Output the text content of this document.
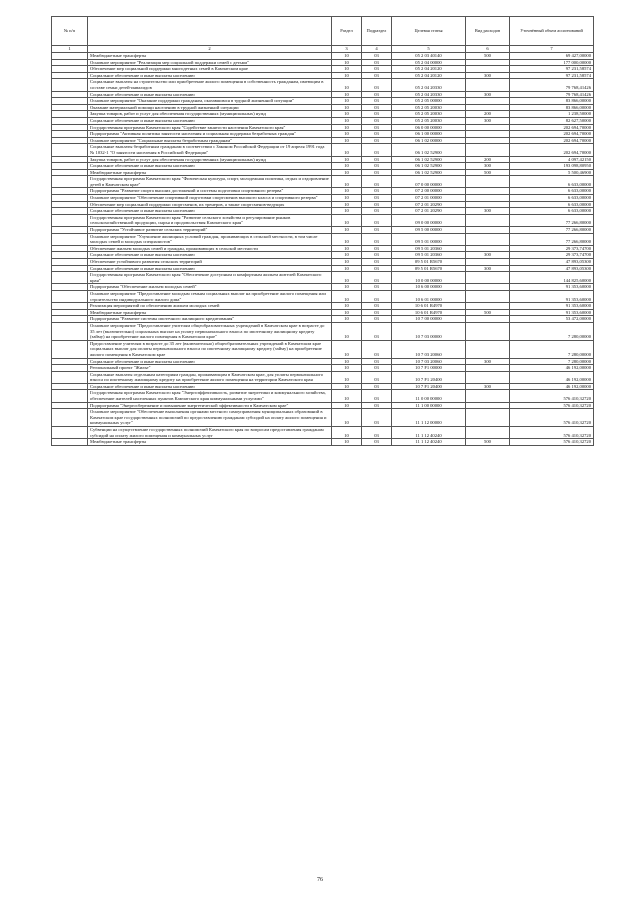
№ п/п		Раздел	Подраздел	Целевая статья	Вид расходов	Уточнённый объем ассигнований
1	2	3	4	5	6	7
	Межбюджетные трансферты	10	03	05 2 03 40140	500	69 427,00000
	Основное мероприятие "Реализация мер социальной поддержки семей с детьми"	10	03	05 2 04 00000		177 000,00000
	Обеспечение мер социальной поддержки многодетных семей в Камчатском крае	10	03	05 2 04 20120		97 231,58574
	Социальное обеспечение и иные выплаты населению	10	03	05 2 04 20120	300	97 231,58574
	Социальные выплаты на строительство или приобретение жилого помещения в собственность гражданам, имеющим в составе семьи детей-инвалидов	10	03	05 2 04 20330		79 768,41426
	Социальное обеспечение и иные выплаты населению	10	03	05 2 04 20330	300	79 768,41426
	Основное мероприятие "Оказание поддержки гражданам, оказавшимся в трудной жизненной ситуации"	10	03	05 2 05 00000		83 866,00000
	Оказание материальной помощи населению в трудной жизненной ситуации	10	03	05 2 05 20030		83 866,00000
	Закупка товаров, работ и услуг для обеспечения государственных (муниципальных) нужд	10	03	05 2 05 20030	200	1 238,50000
	Социальное обеспечение и иные выплаты населению	10	03	05 2 05 20030	300	82 627,50000
	Государственная программа Камчатского края "Содействие занятости населения Камчатского края"	10	03	06 0 00 00000		202 694,70000
	Подпрограмма "Активная политика занятости населения и социальная поддержка безработных граждан"	10	03	06 1 00 00000		202 694,70000
	Основное мероприятие "Социальные выплаты безработным гражданам"	10	03	06 1 02 00000		202 694,70000
	Социальные выплаты безработным гражданам в соответствии с Законом Российской Федерации от 19 апреля 1991 года № 1032-1 "О занятости населения в Российской Федерации"	10	03	06 1 02 52900		202 694,70000
	Закупка товаров, работ и услуг для обеспечения государственных (муниципальных) нужд	10	03	06 1 02 52900	200	4 097,42150
	Социальное обеспечение и иные выплаты населению	10	03	06 1 02 52900	300	193 098,80950
	Межбюджетные трансферты	10	03	06 1 02 52900	500	5 500,46900
	Государственная программа Камчатского края "Физическая культура, спорт, молодежная политика, отдых и оздоровление детей в Камчатском крае"	10	03	07 0 00 00000		6 633,00000
	Подпрограмма "Развитие спорта высших достижений и системы подготовки спортивного резерва"	10	03	07 2 00 00000		6 633,00000
	Основное мероприятие "Обеспечение спортивной подготовки спортсменов высокого класса и спортивного резерва"	10	03	07 2 01 00000		6 633,00000
	Обеспечение мер социальной поддержки спортсменов, их тренеров, а также спортсменов-ведущих	10	03	07 2 01 20290		6 633,00000
	Социальное обеспечение и иные выплаты населению	10	03	07 2 01 20290	300	6 633,00000
	Государственная программа Камчатского края "Развитие сельского хозяйства и регулирование рынков сельскохозяйственной продукции, сырья и продовольствия Камчатского края"	10	03	09 0 00 00000		77 266,80000
	Подпрограмма "Устойчивое развитие сельских территорий"	10	03	09 5 00 00000		77 266,80000
	Основное мероприятие "Улучшение жилищных условий граждан, проживающих в сельской местности, в том числе молодых семей и молодых специалистов"	10	03	09 5 01 00000		77 266,80000
	Обеспечение жильем молодых семей и граждан, проживающих в сельской местности	10	03	09 5 01 20360		29 373,74700
	Социальное обеспечение и иные выплаты населению	10	03	09 5 01 20360	300	29 373,74700
	Обеспечение устойчивого развития сельских территорий	10	03	09 5 01 R5670		47 893,05300
	Социальное обеспечение и иные выплаты населению	10	03	09 5 01 R5670	300	47 893,05300
	Государственная программа Камчатского края "Обеспечение доступным и комфортным жильем жителей Камчатского края"	10	03	10 0 00 00000		144 825,60000
	Подпрограмма "Обеспечение жильем молодых семей"	10	03	10 6 00 00000		91 353,60000
	Основное мероприятие "Предоставление молодым семьям социальных выплат на приобретение жилого помещения или строительство индивидуального жилого дома"	10	03	10 6 01 00000		91 353,60000
	Реализация мероприятий по обеспечению жильем молодых семей	10	03	10 6 01 R4970		91 353,60000
	Межбюджетные трансферты	10	03	10 6 01 R4970	500	91 353,60000
	Подпрограмма "Развитие системы ипотечного жилищного кредитования"	10	03	10 7 00 00000		53 472,00000
	Основное мероприятие "Предоставление учителям общеобразовательных учреждений в Камчатском крае в возрасте до 35 лет (включительно) социальных выплат на уплату первоначального взноса по ипотечному жилищному кредиту (займу) на приобретение жилого помещения в Камчатском крае"	10	03	10 7 03 00000		7 280,00000
	Предоставление учителям в возрасте до 35 лет (включительно) общеобразовательных учреждений в Камчатском крае социальных выплат для оплаты первоначального взноса по ипотечному жилищному кредиту (займу) на приобретение жилого помещения в Камчатском крае	10	03	10 7 03 20060		7 280,00000
	Социальное обеспечение и иные выплаты населению	10	03	10 7 03 20060	300	7 280,00000
	Региональный проект "Жилье"	10	03	10 7 F1 00000		46 192,00000
	Социальные выплаты отдельным категориям граждан, проживающим в Камчатском крае, для уплаты первоначального взноса по ипотечному жилищному кредиту на приобретение жилого помещения на территории Камчатского края	10	03	10 7 F1 20400		46 192,00000
	Социальное обеспечение и иные выплаты населению	10	03	10 7 F1 20400	300	46 192,00000
	Государственная программа Камчатского края "Энергоэффективность, развитие энергетики и коммунального хозяйства, обеспечение жителей населенных пунктов Камчатского края коммунальными услугами"	10	03	11 0 00 00000		576 410,32720
	Подпрограмма "Энергосбережение и повышение энергетической эффективности в Камчатском крае"	10	03	11 1 00 00000		576 410,32720
	Основное мероприятие "Обеспечение выполнения органами местного самоуправления муниципальных образований в Камчатском крае государственных полномочий по предоставлению гражданам субсидий на оплату жилого помещения и коммунальных услуг"	10	03	11 1 12 00000		576 410,32720
	Субвенции на осуществление государственных полномочий Камчатского края по вопросам предоставления гражданам субсидий на оплату жилого помещения и коммунальных услуг	10	03	11 1 12 40240		576 410,32720
	Межбюджетные трансферты	10	03	11 1 12 40240	500	576 410,32720
76
